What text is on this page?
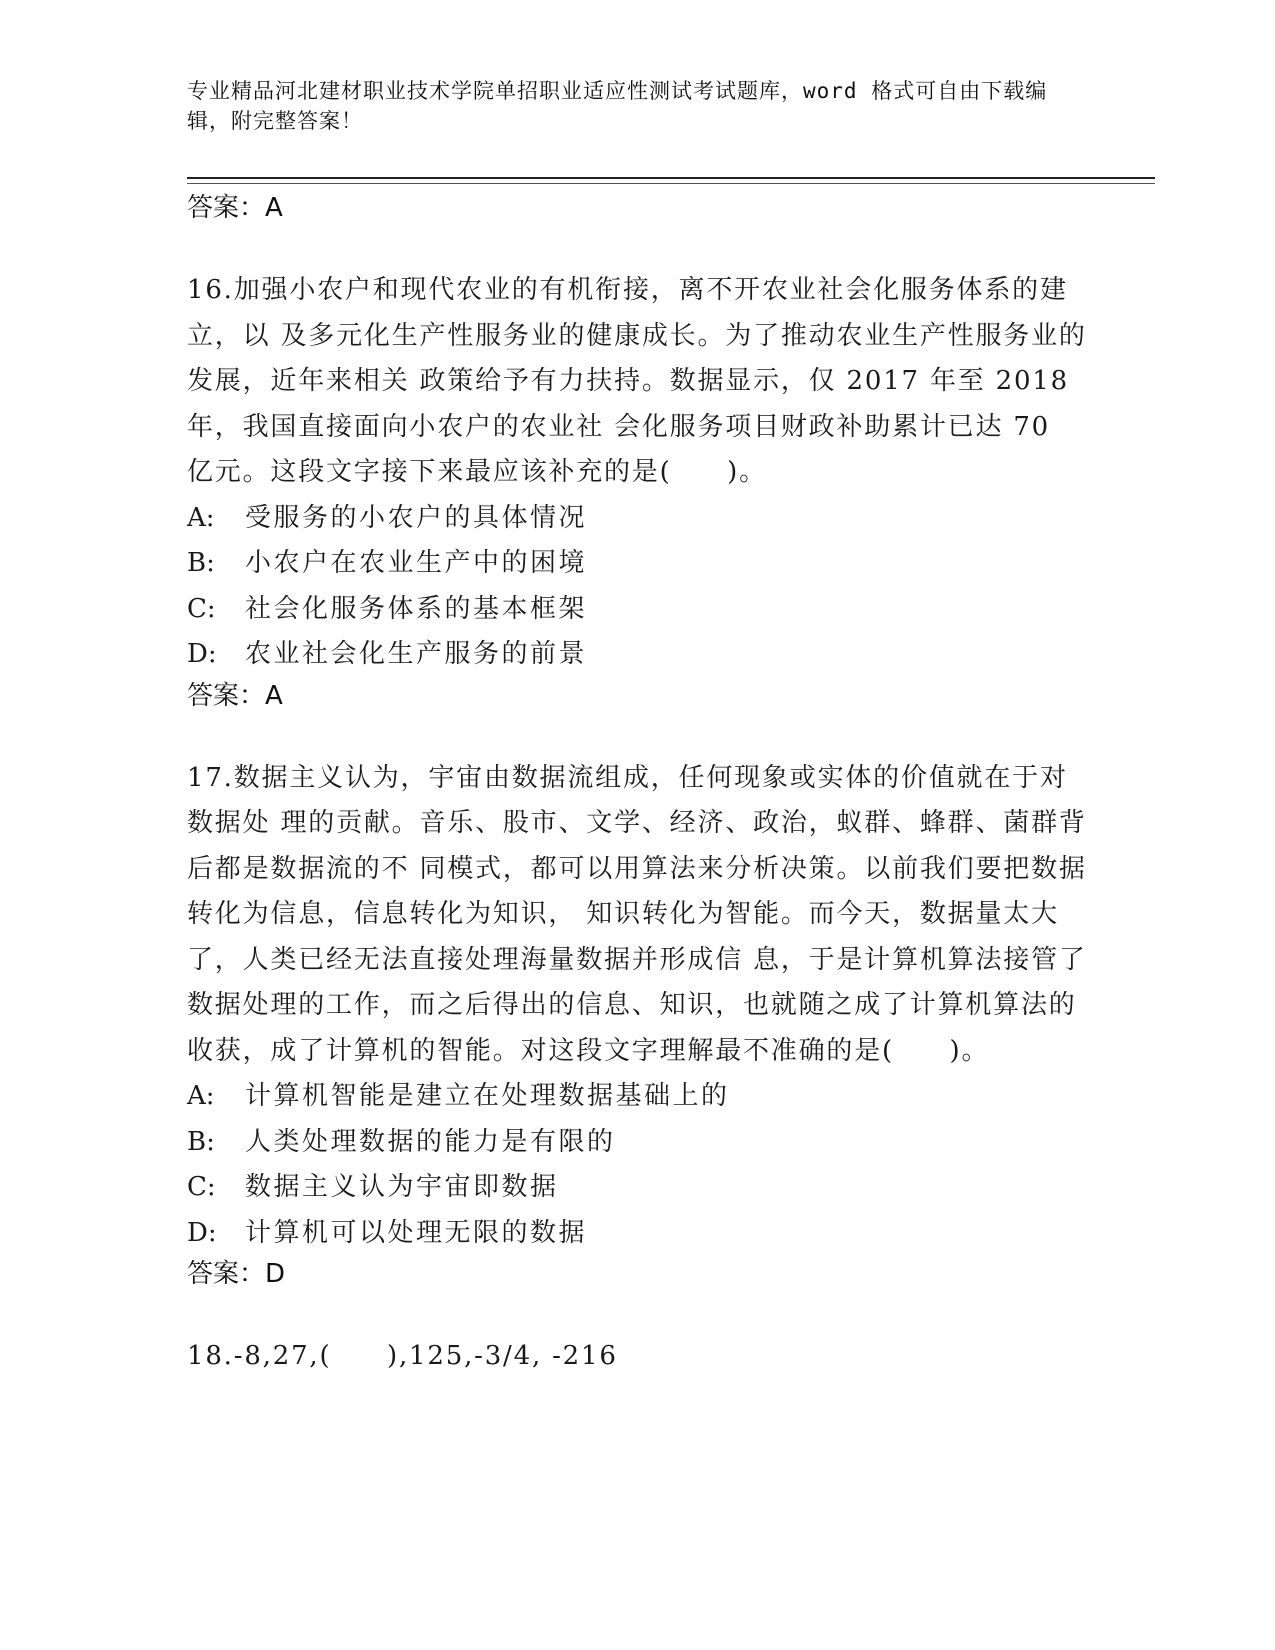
专业精品河北建材职业技术学院单招职业适应性测试考试题库，word 格式可自由下载编辑，附完整答案！
答案：A
16.加强小农户和现代农业的有机衔接，离不开农业社会化服务体系的建立，以 及多元化生产性服务业的健康成长。为了推动农业生产性服务业的发展，近年来相关 政策给予有力扶持。数据显示，仅 2017 年至 2018 年，我国直接面向小农户的农业社 会化服务项目财政补助累计已达 70 亿元。这段文字接下来最应该补充的是(　　)。
A: 受服务的小农户的具体情况
B: 小农户在农业生产中的困境
C: 社会化服务体系的基本框架
D: 农业社会化生产服务的前景
答案：A
17.数据主义认为，宇宙由数据流组成，任何现象或实体的价值就在于对数据处 理的贡献。音乐、股市、文学、经济、政治，蚁群、蜂群、菌群背后都是数据流的不 同模式，都可以用算法来分析决策。以前我们要把数据转化为信息，信息转化为知识， 知识转化为智能。而今天，数据量太大了，人类已经无法直接处理海量数据并形成信 息，于是计算机算法接管了数据处理的工作，而之后得出的信息、知识，也就随之成了计算机算法的收获，成了计算机的智能。对这段文字理解最不准确的是(　　)。
A: 计算机智能是建立在处理数据基础上的
B: 人类处理数据的能力是有限的
C: 数据主义认为宇宙即数据
D: 计算机可以处理无限的数据
答案：D
18.-8,27,(　　),125,-3/4, -216
